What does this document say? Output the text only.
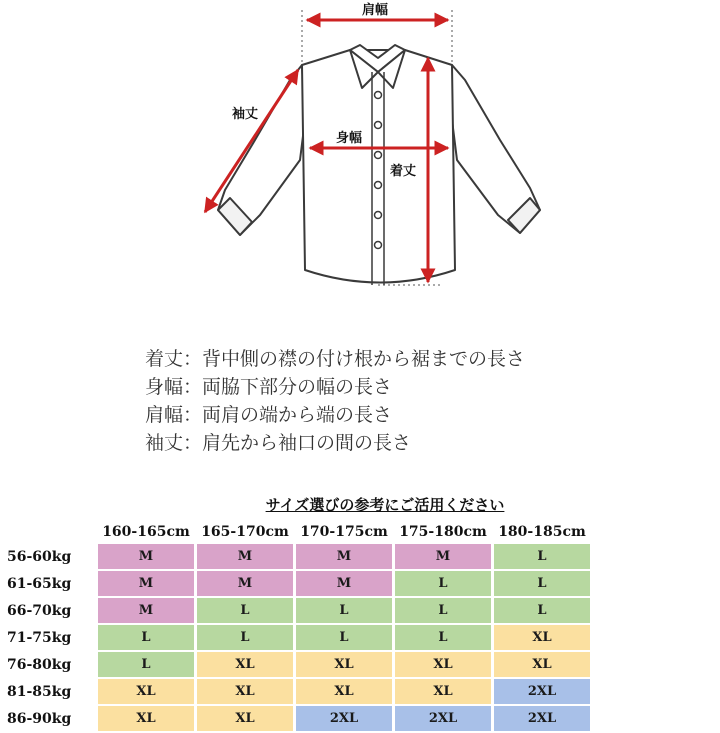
肩幅
袖丈
身幅
着丈
着丈：背中側の襟の付け根から裾までの長さ
身幅：両脇下部分の幅の長さ
肩幅：両肩の端から端の長さ
袖丈：肩先から袖口の間の長さ
サイズ選びの参考にご活用ください
	160-165cm	165-170cm	170-175cm	175-180cm	180-185cm
56-60kg	M	M	M	M	L
61-65kg	M	M	M	L	L
66-70kg	M	L	L	L	L
71-75kg	L	L	L	L	XL
76-80kg	L	XL	XL	XL	XL
81-85kg	XL	XL	XL	XL	2XL
86-90kg	XL	XL	2XL	2XL	2XL
